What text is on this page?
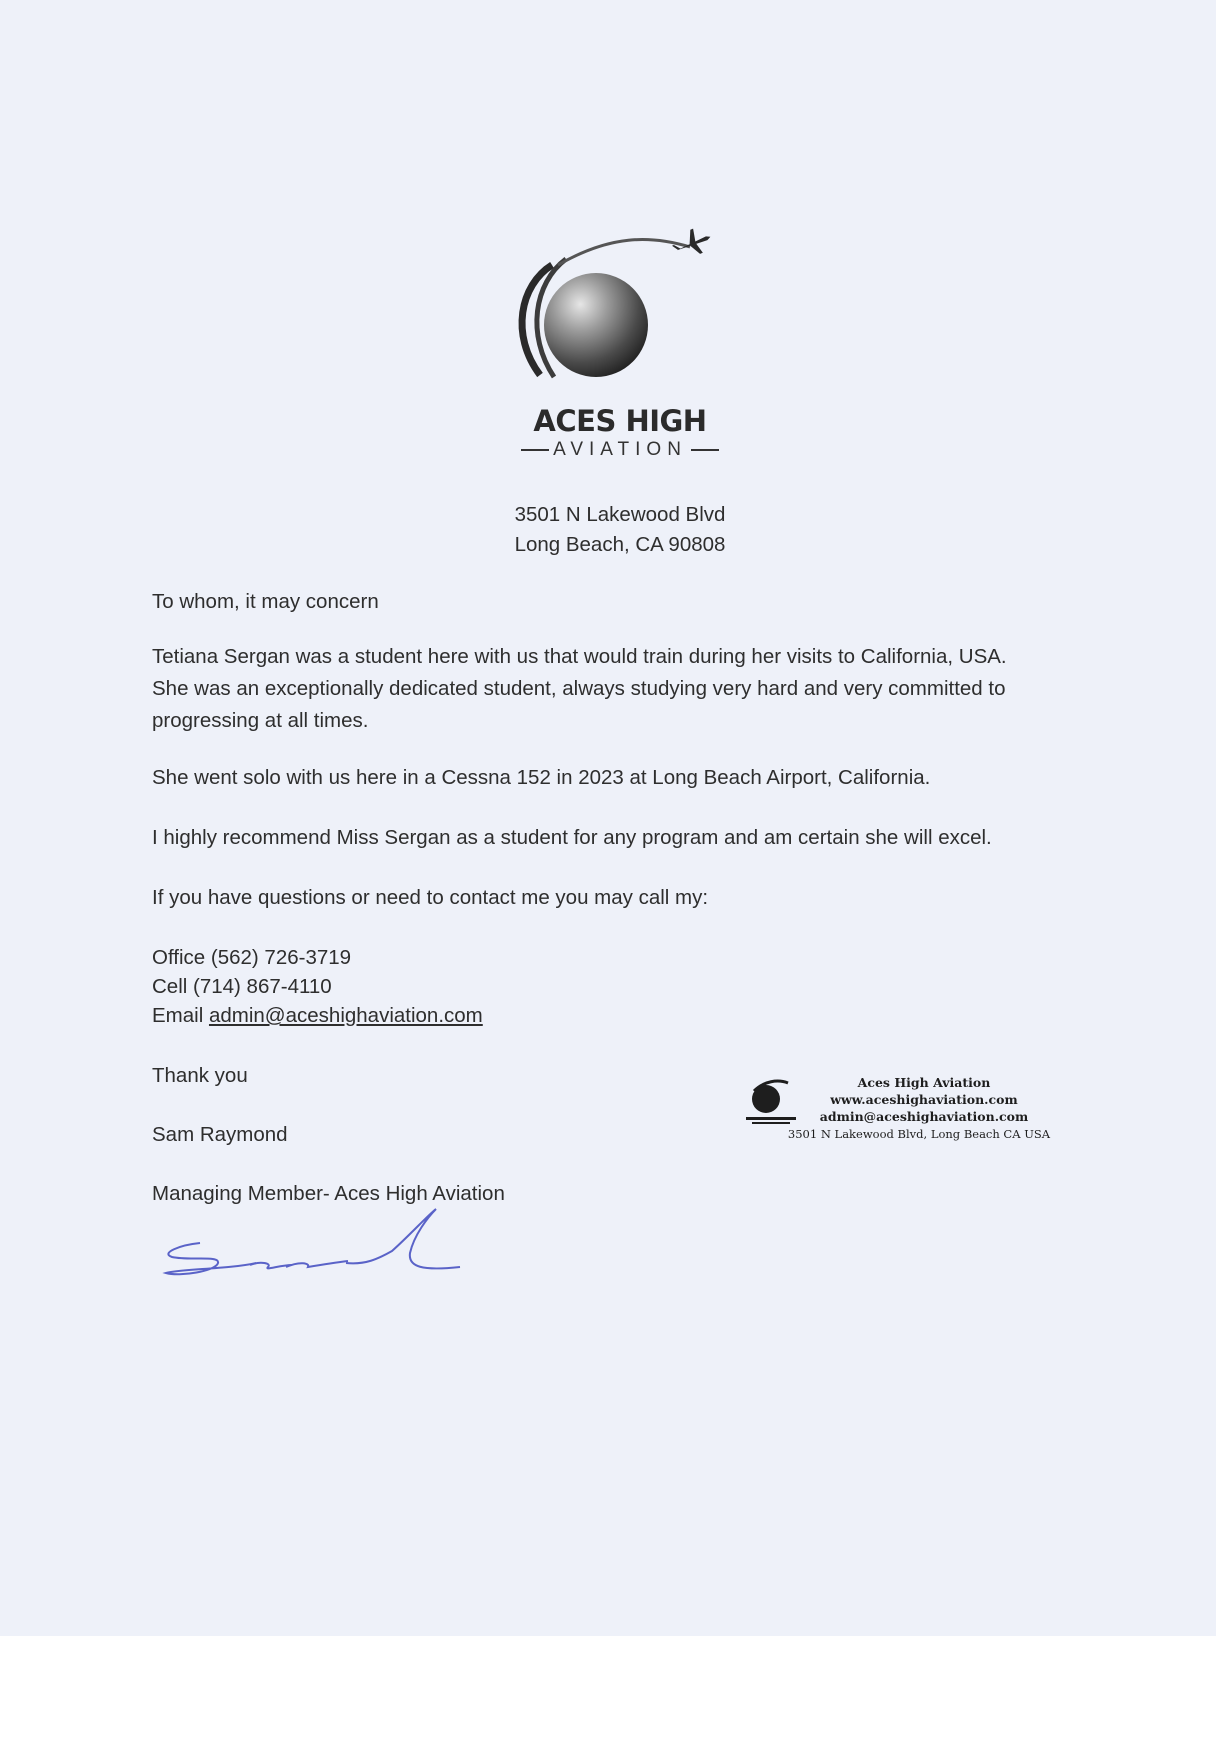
ACES HIGH
AVIATION
3501 N Lakewood Blvd
Long Beach, CA 90808
To whom, it may concern
Tetiana Sergan was a student here with us that would train during her visits to California, USA.
She was an exceptionally dedicated student, always studying very hard and very committed to
progressing at all times.
She went solo with us here in a Cessna 152 in 2023 at Long Beach Airport, California.
I highly recommend Miss Sergan as a student for any program and am certain she will excel.
If you have questions or need to contact me you may call my:
Office (562) 726-3719
Cell (714) 867-4110
Email admin@aceshighaviation.com
Thank you
Sam Raymond
Managing Member- Aces High Aviation
Aces High Aviation
www.aceshighaviation.com
admin@aceshighaviation.com
3501 N Lakewood Blvd, Long Beach CA USA
